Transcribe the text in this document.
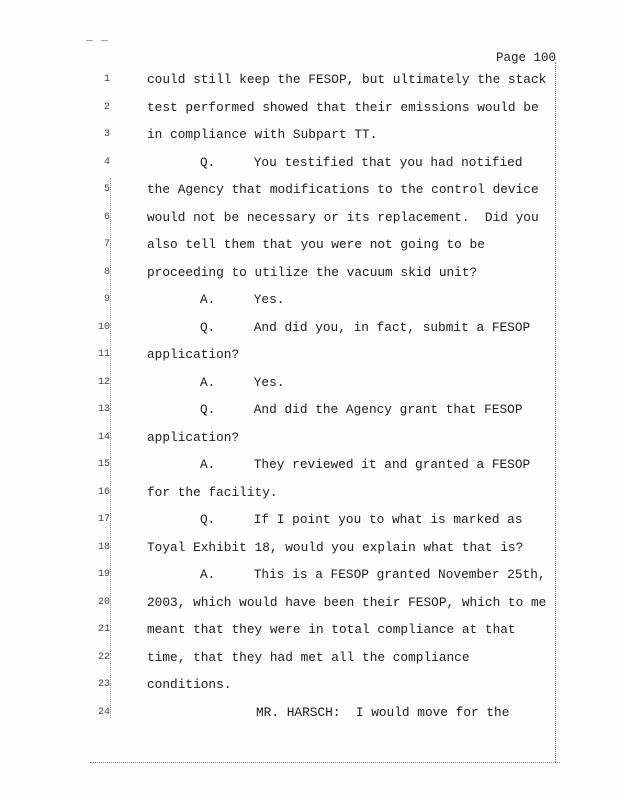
_ _
Page 100
1	could still keep the FESOP, but ultimately the stack
2	test performed showed that their emissions would be
3	in compliance with Subpart TT.
4	Q.     You testified that you had notified
5	the Agency that modifications to the control device
6	would not be necessary or its replacement.  Did you
7	also tell them that you were not going to be
8	proceeding to utilize the vacuum skid unit?
9	A.     Yes.
10	Q.     And did you, in fact, submit a FESOP
11	application?
12	A.     Yes.
13	Q.     And did the Agency grant that FESOP
14	application?
15	A.     They reviewed it and granted a FESOP
16	for the facility.
17	Q.     If I point you to what is marked as
18	Toyal Exhibit 18, would you explain what that is?
19	A.     This is a FESOP granted November 25th,
20	2003, which would have been their FESOP, which to me
21	meant that they were in total compliance at that
22	time, that they had met all the compliance
23	conditions.
24	MR. HARSCH:  I would move for the
